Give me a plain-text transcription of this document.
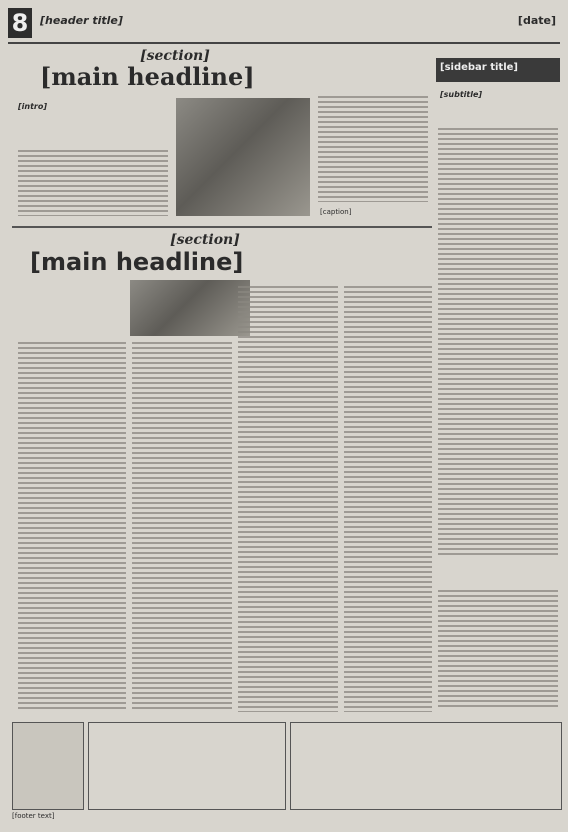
8	[header title]	[date]
[section]
[main headline]
[intro]
[caption]
[sidebar title]
[subtitle]
[section]
[main headline]
[footer text]
